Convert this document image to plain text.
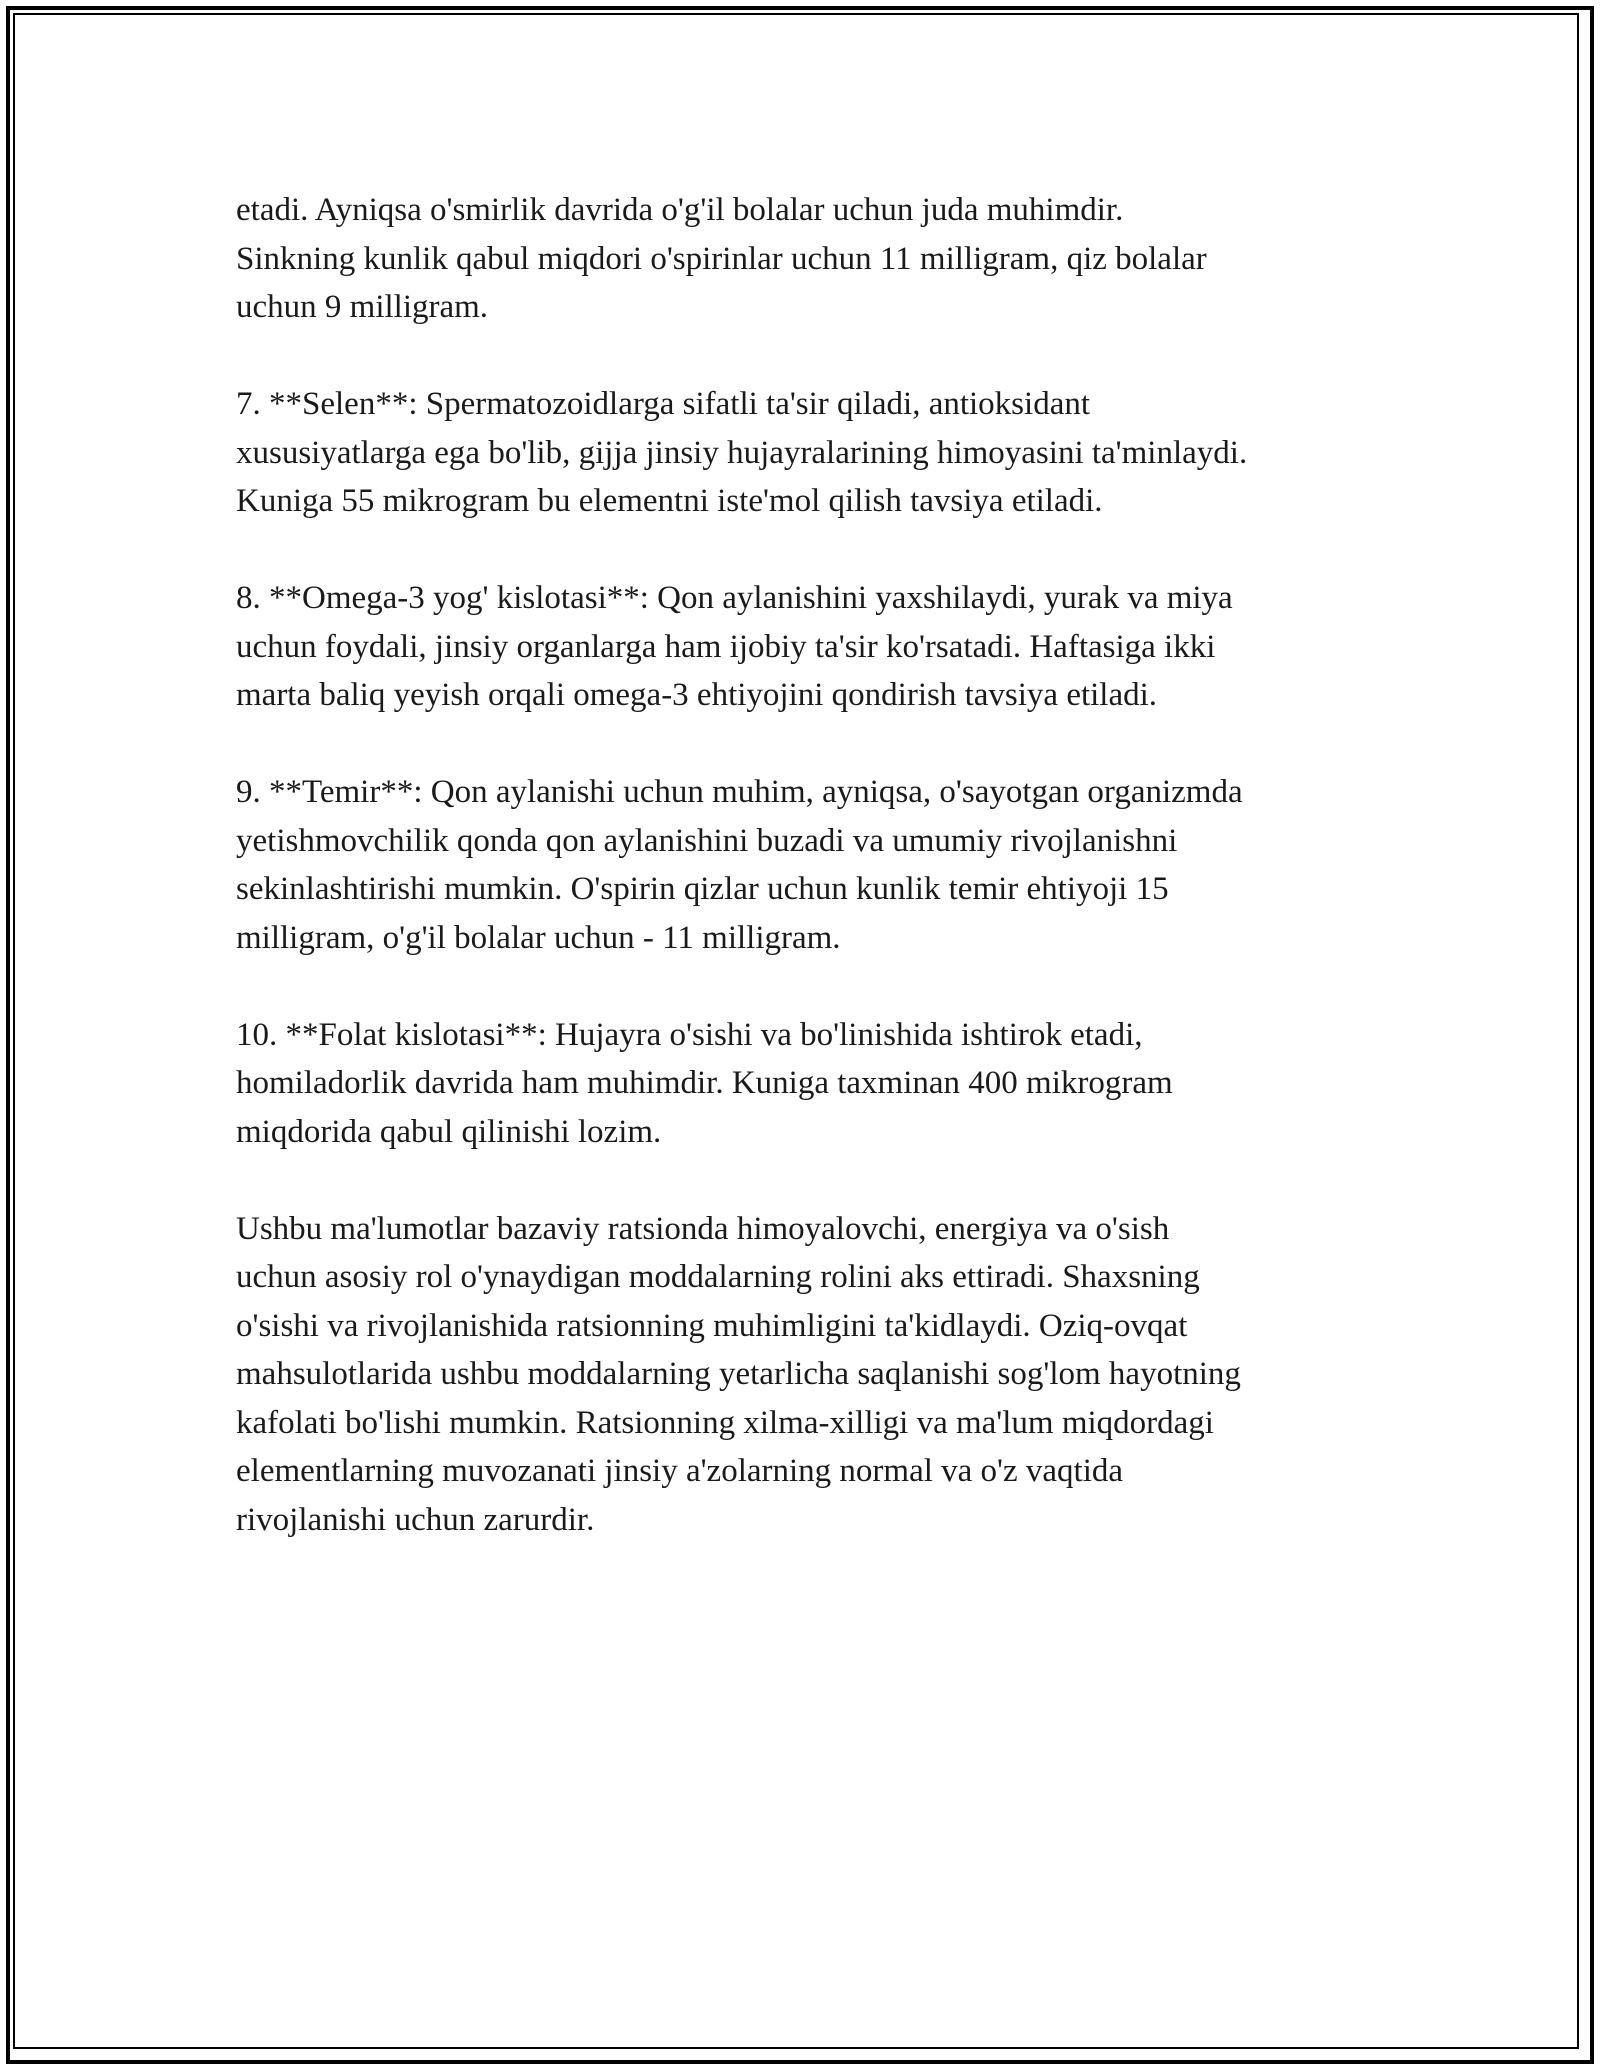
etadi. Ayniqsa o'smirlik davrida o'g'il bolalar uchun juda muhimdir.
Sinkning kunlik qabul miqdori o'spirinlar uchun 11 milligram, qiz bolalar
uchun 9 milligram.

7. **Selen**: Spermatozoidlarga sifatli ta'sir qiladi, antioksidant
xususiyatlarga ega bo'lib, gijja jinsiy hujayralarining himoyasini ta'minlaydi.
Kuniga 55 mikrogram bu elementni iste'mol qilish tavsiya etiladi.

8. **Omega-3 yog' kislotasi**: Qon aylanishini yaxshilaydi, yurak va miya
uchun foydali, jinsiy organlarga ham ijobiy ta'sir ko'rsatadi. Haftasiga ikki
marta baliq yeyish orqali omega-3 ehtiyojini qondirish tavsiya etiladi.

9. **Temir**: Qon aylanishi uchun muhim, ayniqsa, o'sayotgan organizmda
yetishmovchilik qonda qon aylanishini buzadi va umumiy rivojlanishni
sekinlashtirishi mumkin. O'spirin qizlar uchun kunlik temir ehtiyoji 15
milligram, o'g'il bolalar uchun - 11 milligram.

10. **Folat kislotasi**: Hujayra o'sishi va bo'linishida ishtirok etadi,
homiladorlik davrida ham muhimdir. Kuniga taxminan 400 mikrogram
miqdorida qabul qilinishi lozim.

Ushbu ma'lumotlar bazaviy ratsionda himoyalovchi, energiya va o'sish
uchun asosiy rol o'ynaydigan moddalarning rolini aks ettiradi. Shaxsning
o'sishi va rivojlanishida ratsionning muhimligini ta'kidlaydi. Oziq-ovqat
mahsulotlarida ushbu moddalarning yetarlicha saqlanishi sog'lom hayotning
kafolati bo'lishi mumkin. Ratsionning xilma-xilligi va ma'lum miqdordagi
elementlarning muvozanati jinsiy a'zolarning normal va o'z vaqtida
rivojlanishi uchun zarurdir.
